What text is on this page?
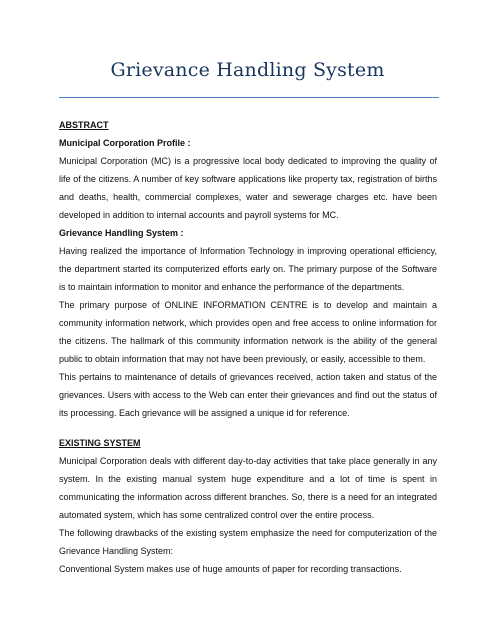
Grievance Handling System
ABSTRACT
Municipal Corporation Profile :

Municipal Corporation (MC) is a progressive local body dedicated to improving the quality of life of the citizens. A number of key software applications like property tax, registration of births and deaths, health, commercial complexes, water and sewerage charges etc. have been developed in addition to internal accounts and payroll systems for MC.

Grievance Handling System :

Having realized the importance of Information Technology in improving operational efficiency, the department started its computerized efforts early on. The primary purpose of the Software is to maintain information to monitor and enhance the performance of the departments.

The primary purpose of ONLINE INFORMATION CENTRE is to develop and maintain a community information network, which provides open and free access to online information for the citizens. The hallmark of this community information network is the ability of the general public to obtain information that may not have been previously, or easily, accessible to them.

This pertains to maintenance of details of grievances received, action taken and status of the grievances. Users with access to the Web can enter their grievances and find out the status of its processing. Each grievance will be assigned a unique id for reference.

EXISTING SYSTEM

Municipal Corporation deals with different day-to-day activities that take place generally in any system. In the existing manual system huge expenditure and a lot of time is spent in communicating the information across different branches. So, there is a need for an integrated automated system, which has some centralized control over the entire process.

The following drawbacks of the existing system emphasize the need for computerization of the Grievance Handling System:

Conventional System makes use of huge amounts of paper for recording transactions.
